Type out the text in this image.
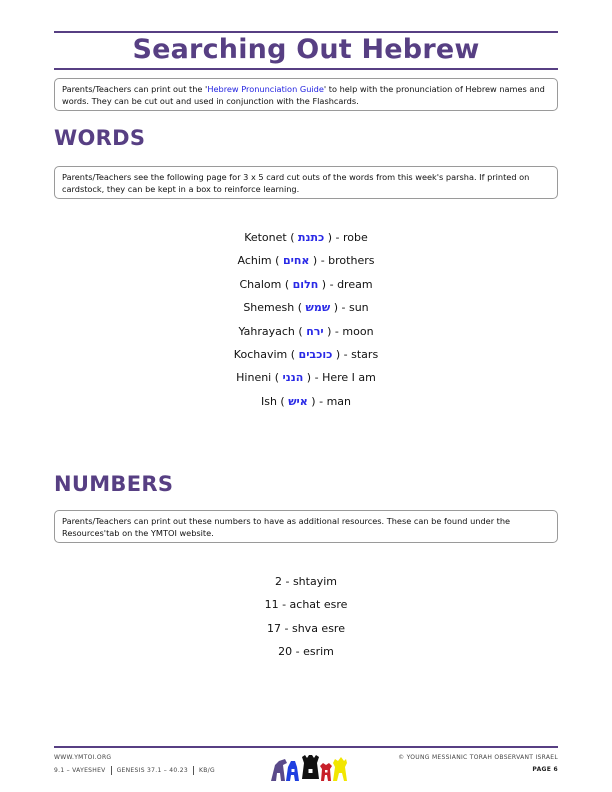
Searching Out Hebrew
Parents/Teachers can print out the 'Hebrew Pronunciation Guide' to help with the pronunciation of Hebrew names and words. They can be cut out and used in conjunction with the Flashcards.
WORDS
Parents/Teachers see the following page for 3 x 5 card cut outs of the words from this week's parsha. If printed on cardstock, they can be kept in a box to reinforce learning.
Ketonet ( כתנת ) - robe
Achim ( אחים ) - brothers
Chalom ( חלום ) - dream
Shemesh ( שמש ) - sun
Yahrayach ( ירח ) - moon
Kochavim ( כוכבים ) - stars
Hineni ( הנני ) - Here I am
Ish ( איש ) - man
NUMBERS
Parents/Teachers can print out these numbers to have as additional resources. These can be found under the Resources'tab on the YMTOI website.
2 - shtayim
11 - achat esre
17 - shva esre
20 - esrim
WWW.YMTOI.ORG
9.1 – VAYESHEV GENESIS 37.1 – 40.23 KB/G
© YOUNG MESSIANIC TORAH OBSERVANT ISRAEL
PAGE 6
